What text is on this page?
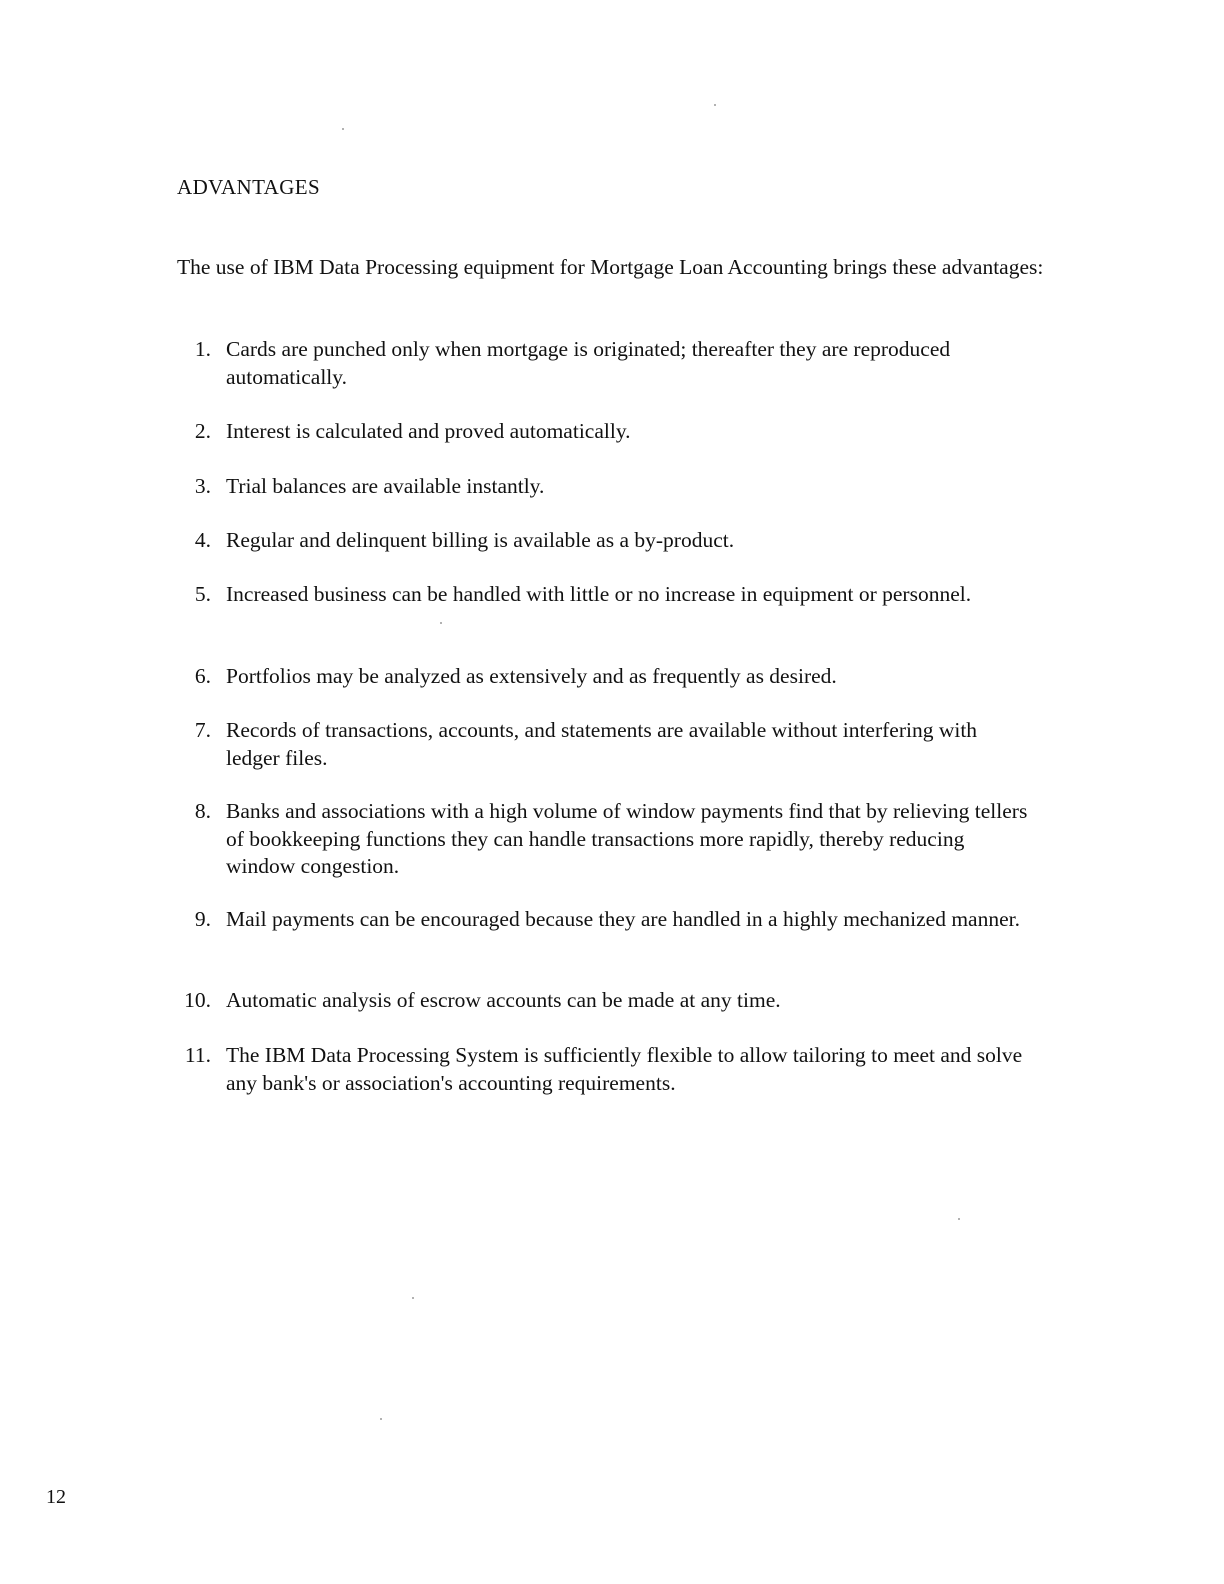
ADVANTAGES

The use of IBM Data Processing equipment for Mortgage Loan Accounting brings these advantages:

1. Cards are punched only when mortgage is originated; thereafter they are reproduced automatically.
2. Interest is calculated and proved automatically.
3. Trial balances are available instantly.
4. Regular and delinquent billing is available as a by-product.
5. Increased business can be handled with little or no increase in equipment or personnel.
6. Portfolios may be analyzed as extensively and as frequently as desired.
7. Records of transactions, accounts, and statements are available without interfering with ledger files.
8. Banks and associations with a high volume of window payments find that by relieving tellers of bookkeeping functions they can handle transactions more rapidly, thereby reducing window congestion.
9. Mail payments can be encouraged because they are handled in a highly mechanized manner.
10. Automatic analysis of escrow accounts can be made at any time.
11. The IBM Data Processing System is sufficiently flexible to allow tailoring to meet and solve any bank's or association's accounting requirements.
12
